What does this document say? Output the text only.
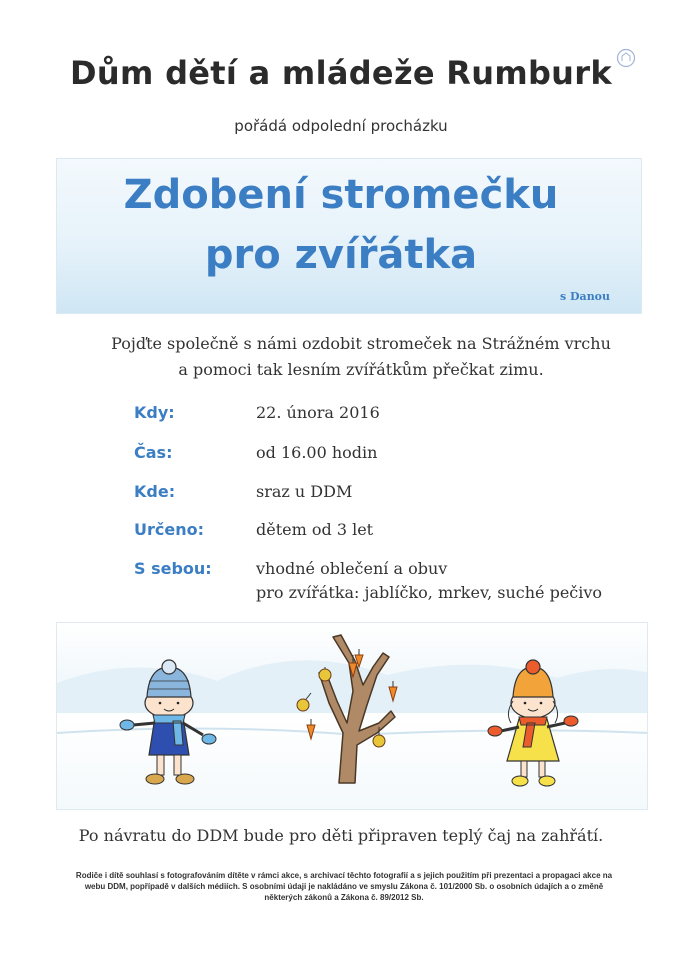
Dům dětí a mládeže Rumburk
pořádá odpolední procházku
Zdobení stromečku
pro zvířátka
s Danou
Pojďte společně s námi ozdobit stromeček na Strážném vrchu
a pomoci tak lesním zvířátkům přečkat zimu.
Kdy:	22. února 2016
Čas:	od 16.00 hodin
Kde:	sraz u DDM
Určeno:	dětem od 3 let
S sebou:	vhodné oblečení a obuv
pro zvířátka: jablíčko, mrkev, suché pečivo
Po návratu do DDM bude pro děti připraven teplý čaj na zahřátí.
Rodiče i dítě souhlasí s fotografováním dítěte v rámci akce, s archivací těchto fotografií a s jejich použitím při prezentaci a propagaci akce na webu DDM, popřípadě v dalších médiích. S osobními údaji je nakládáno ve smyslu Zákona č. 101/2000 Sb. o osobních údajích a o změně některých zákonů a Zákona č. 89/2012 Sb.
